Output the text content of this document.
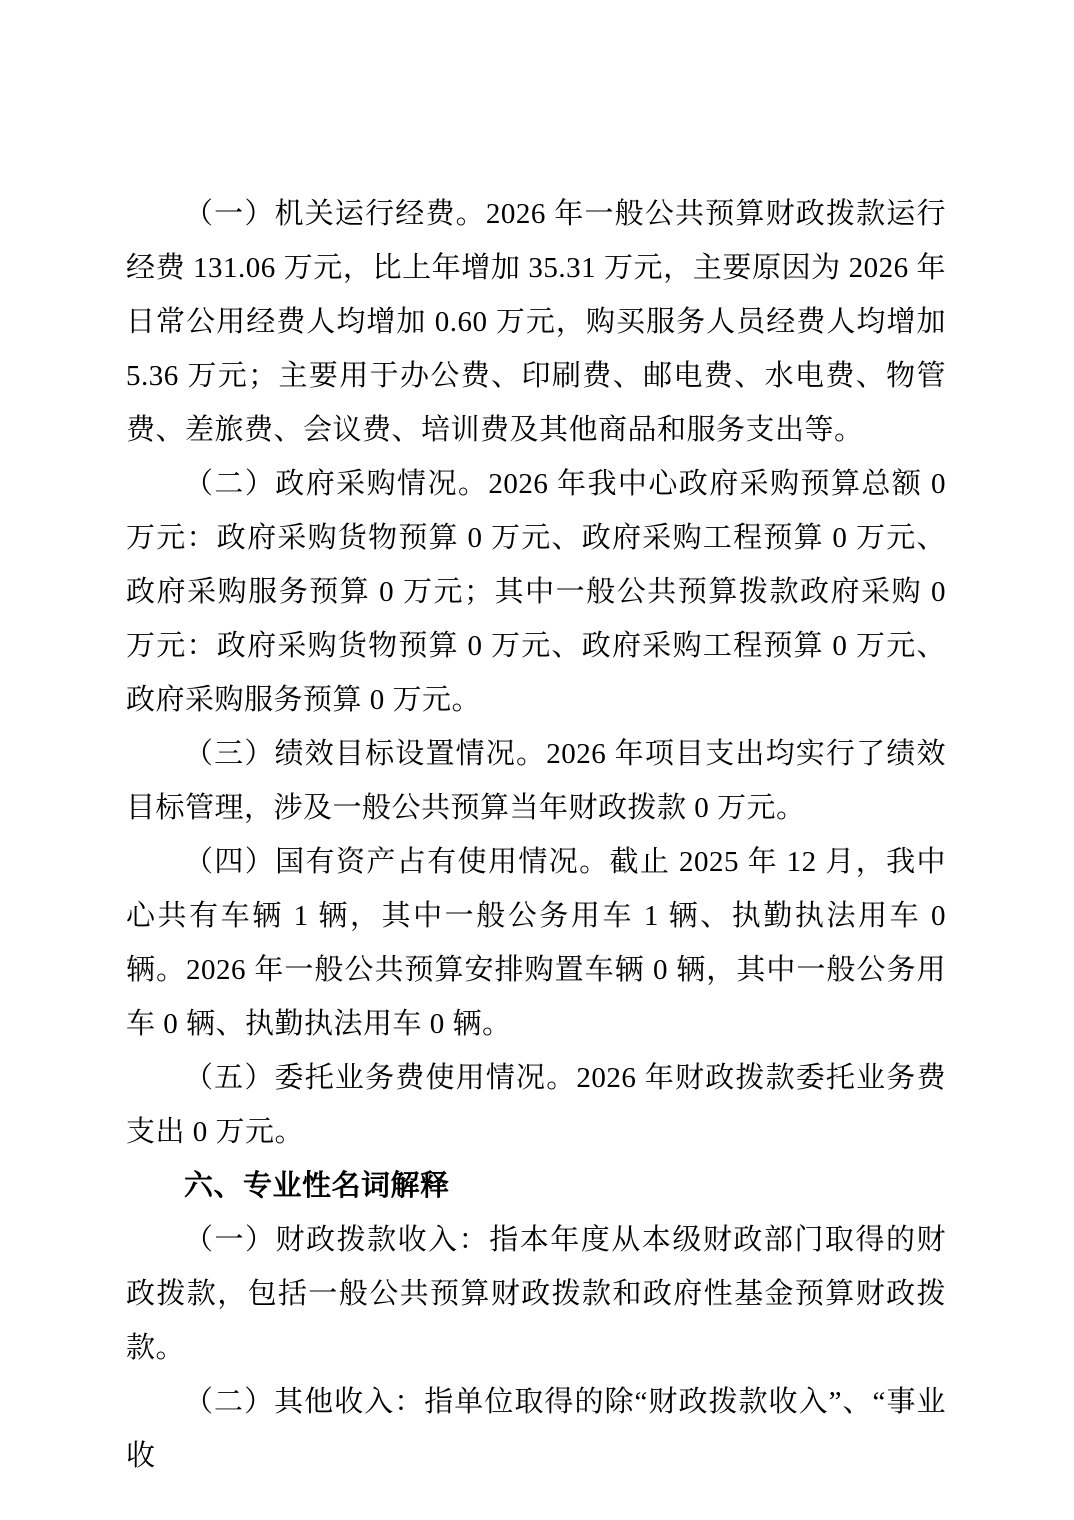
（一）机关运行经费。2026 年一般公共预算财政拨款运行经费 131.06 万元，比上年增加 35.31 万元，主要原因为 2026 年日常公用经费人均增加 0.60 万元，购买服务人员经费人均增加 5.36 万元；主要用于办公费、印刷费、邮电费、水电费、物管费、差旅费、会议费、培训费及其他商品和服务支出等。

（二）政府采购情况。2026 年我中心政府采购预算总额 0 万元：政府采购货物预算 0 万元、政府采购工程预算 0 万元、政府采购服务预算 0 万元；其中一般公共预算拨款政府采购 0 万元：政府采购货物预算 0 万元、政府采购工程预算 0 万元、政府采购服务预算 0 万元。

（三）绩效目标设置情况。2026 年项目支出均实行了绩效目标管理，涉及一般公共预算当年财政拨款 0 万元。

（四）国有资产占有使用情况。截止 2025 年 12 月，我中心共有车辆 1 辆，其中一般公务用车 1 辆、执勤执法用车 0 辆。2026 年一般公共预算安排购置车辆 0 辆，其中一般公务用车 0 辆、执勤执法用车 0 辆。

（五）委托业务费使用情况。2026 年财政拨款委托业务费支出 0 万元。

六、专业性名词解释

（一）财政拨款收入：指本年度从本级财政部门取得的财政拨款，包括一般公共预算财政拨款和政府性基金预算财政拨款。

（二）其他收入：指单位取得的除“财政拨款收入”、“事业收
